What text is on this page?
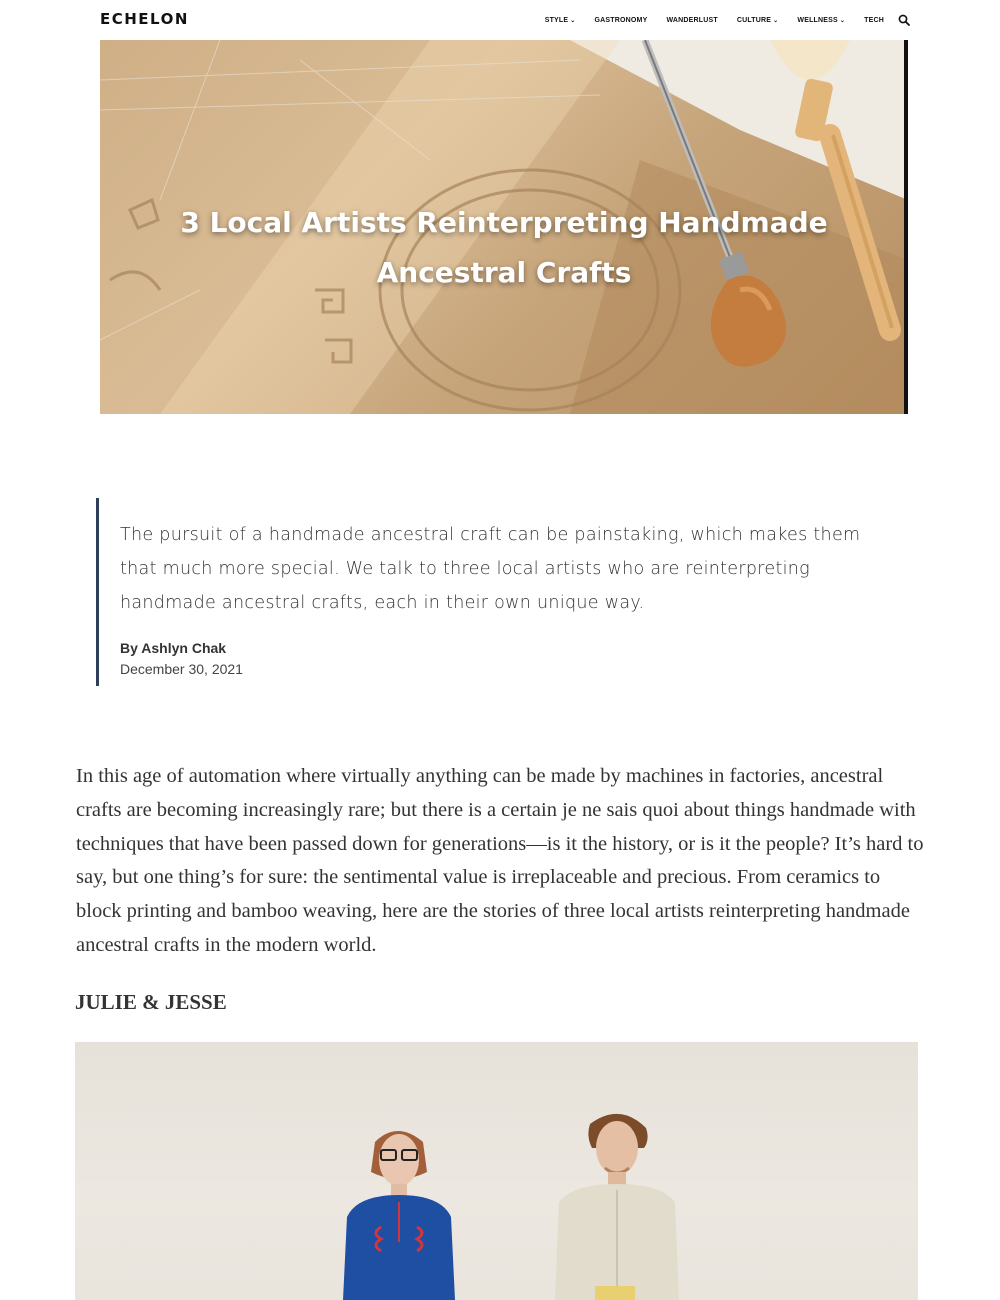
ECHELON	STYLE ⌄	GASTRONOMY	WANDERLUST	CULTURE ⌄	WELLNESS ⌄	TECH
3 Local Artists Reinterpreting Handmade Ancestral Crafts

The pursuit of a handmade ancestral craft can be painstaking, which makes them that much more special. We talk to three local artists who are reinterpreting handmade ancestral crafts, each in their own unique way.

By Ashlyn Chak
December 30, 2021

In this age of automation where virtually anything can be made by machines in factories, ancestral crafts are becoming increasingly rare; but there is a certain je ne sais quoi about things handmade with techniques that have been passed down for generations—is it the history, or is it the people? It’s hard to say, but one thing’s for sure: the sentimental value is irreplaceable and precious. From ceramics to block printing and bamboo weaving, here are the stories of three local artists reinterpreting handmade ancestral crafts in the modern world.

JULIE & JESSE
